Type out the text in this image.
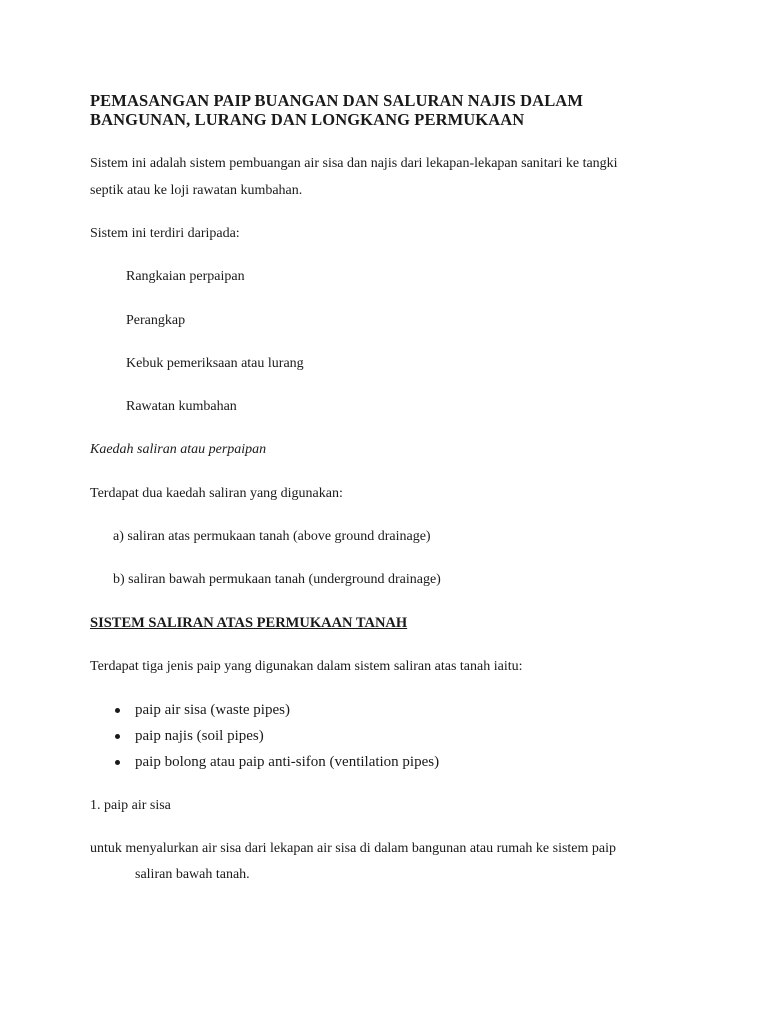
PEMASANGAN PAIP BUANGAN DAN SALURAN NAJIS DALAM
BANGUNAN, LURANG DAN LONGKANG PERMUKAAN
Sistem ini adalah sistem pembuangan air sisa dan najis dari lekapan-lekapan sanitari ke tangki
septik atau ke loji rawatan kumbahan.
Sistem ini terdiri daripada:
Rangkaian perpaipan
Perangkap
Kebuk pemeriksaan atau lurang
Rawatan kumbahan
Kaedah saliran atau perpaipan
Terdapat dua kaedah saliran yang digunakan:
a) saliran atas permukaan tanah (above ground drainage)
b) saliran bawah permukaan tanah (underground drainage)
SISTEM SALIRAN ATAS PERMUKAAN TANAH
Terdapat tiga jenis paip yang digunakan dalam sistem saliran atas tanah iaitu:
paip air sisa (waste pipes)
paip najis (soil pipes)
paip bolong atau paip anti-sifon (ventilation pipes)
1. paip air sisa
untuk menyalurkan air sisa dari lekapan air sisa di dalam bangunan atau rumah ke sistem paip
saliran bawah tanah.
